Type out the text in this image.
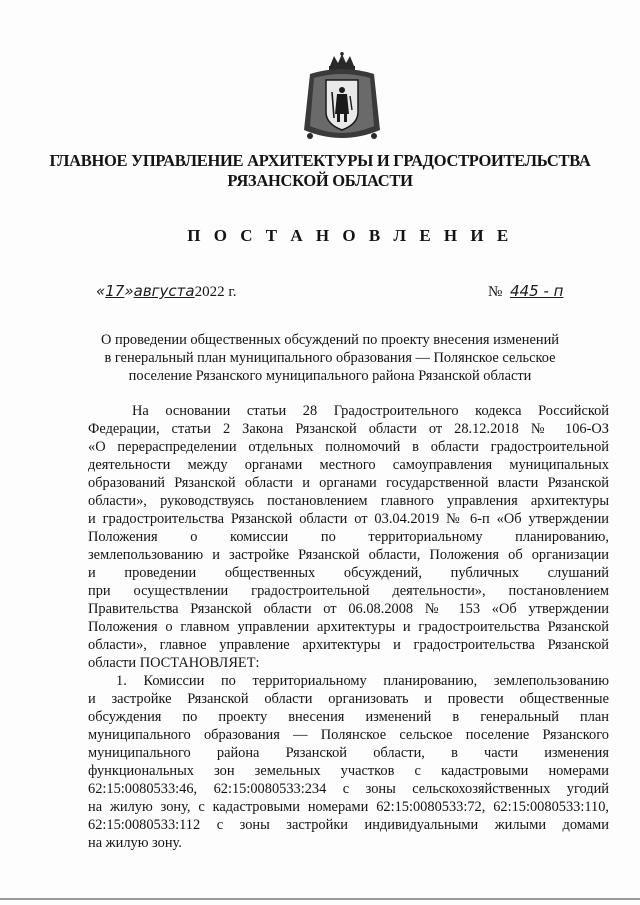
ГЛАВНОЕ УПРАВЛЕНИЕ АРХИТЕКТУРЫ И ГРАДОСТРОИТЕЛЬСТВА
РЯЗАНСКОЙ ОБЛАСТИ
П О С Т А Н О В Л Е Н И Е
«17»августа2022 г.	№ 445 - п
О проведении общественных обсуждений по проекту внесения изменений
в генеральный план муниципального образования — Полянское сельское
поселение Рязанского муниципального района Рязанской области
На основании статьи 28 Градостроительного кодекса Российской
Федерации, статьи 2 Закона Рязанской области от 28.12.2018 № 106-ОЗ
«О перераспределении отдельных полномочий в области градостроительной
деятельности между органами местного самоуправления муниципальных
образований Рязанской области и органами государственной власти Рязанской
области», руководствуясь постановлением главного управления архитектуры
и градостроительства Рязанской области от 03.04.2019 № 6-п «Об утверждении
Положения о комиссии по территориальному планированию,
землепользованию и застройке Рязанской области, Положения об организации
и проведении общественных обсуждений, публичных слушаний
при осуществлении градостроительной деятельности», постановлением
Правительства Рязанской области от 06.08.2008 № 153 «Об утверждении
Положения о главном управлении архитектуры и градостроительства Рязанской
области», главное управление архитектуры и градостроительства Рязанской
области ПОСТАНОВЛЯЕТ:
1. Комиссии по территориальному планированию, землепользованию
и застройке Рязанской области организовать и провести общественные
обсуждения по проекту внесения изменений в генеральный план
муниципального образования — Полянское сельское поселение Рязанского
муниципального района Рязанской области, в части изменения
функциональных зон земельных участков с кадастровыми номерами
62:15:0080533:46, 62:15:0080533:234 с зоны сельскохозяйственных угодий
на жилую зону, с кадастровыми номерами 62:15:0080533:72, 62:15:0080533:110,
62:15:0080533:112 с зоны застройки индивидуальными жилыми домами
на жилую зону.
